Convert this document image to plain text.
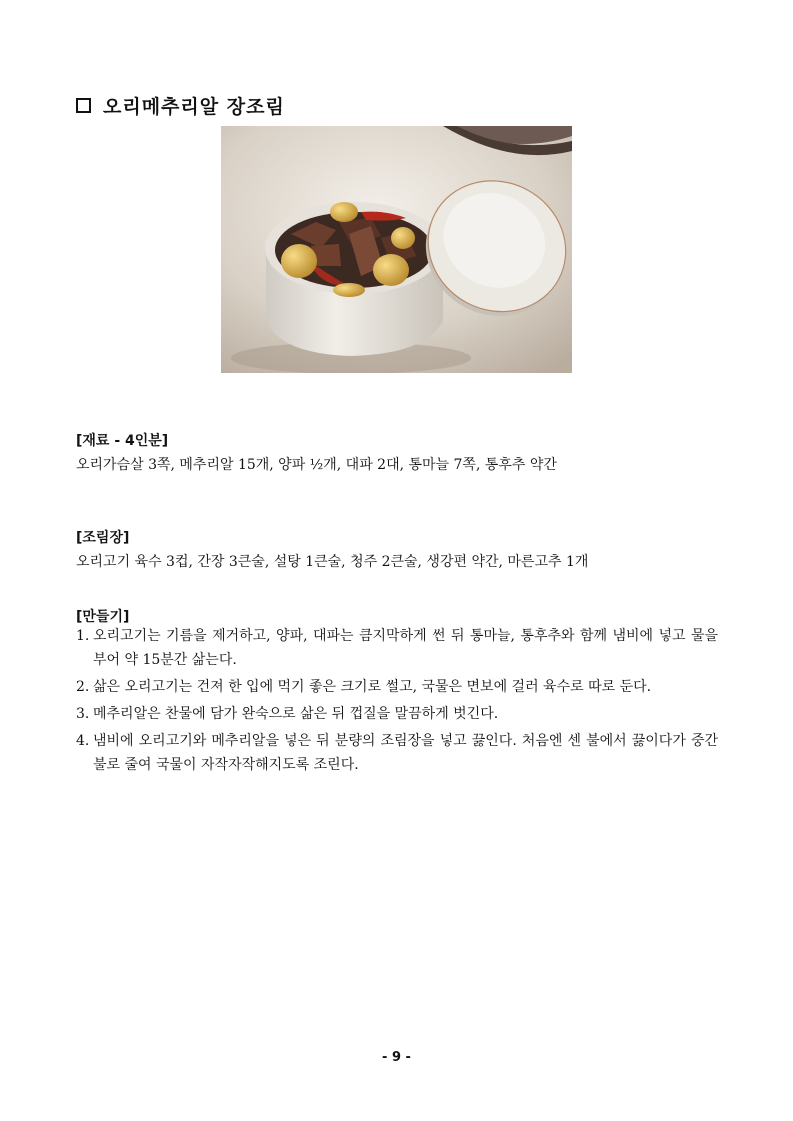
오리메추리알 장조림
[재료 - 4인분]
오리가슴살 3쪽, 메추리알 15개, 양파 ½개, 대파 2대, 통마늘 7쪽, 통후추 약간
[조림장]
오리고기 육수 3컵, 간장 3큰술, 설탕 1큰술, 청주 2큰술, 생강편 약간, 마른고추 1개
[만들기]
1. 오리고기는 기름을 제거하고, 양파, 대파는 큼지막하게 썬 뒤 통마늘, 통후추와 함께 냄비에 넣고 물을 부어 약 15분간 삶는다.
2. 삶은 오리고기는 건져 한 입에 먹기 좋은 크기로 썰고, 국물은 면보에 걸러 육수로 따로 둔다.
3. 메추리알은 찬물에 담가 완숙으로 삶은 뒤 껍질을 말끔하게 벗긴다.
4. 냄비에 오리고기와 메추리알을 넣은 뒤 분량의 조림장을 넣고 끓인다. 처음엔 센 불에서 끓이다가 중간 불로 줄여 국물이 자작자작해지도록 조린다.
- 9 -
